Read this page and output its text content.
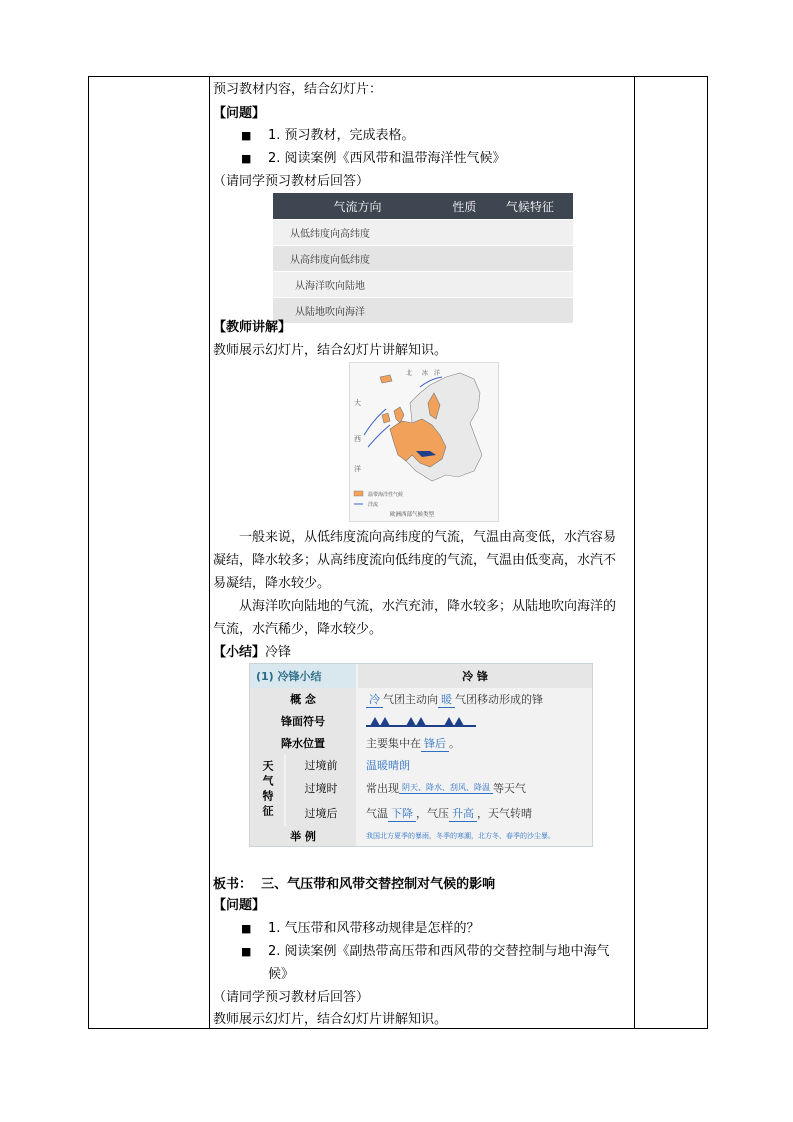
预习教材内容，结合幻灯片：
【问题】
■ 1. 预习教材，完成表格。
■ 2. 阅读案例《西风带和温带海洋性气候》
（请同学预习教材后回答）
气流方向	性质	气候特征
从低纬度向高纬度		
从高纬度向低纬度		
从海洋吹向陆地		
从陆地吹向海洋		
【教师讲解】
教师展示幻灯片，结合幻灯片讲解知识。
北 冰 洋
大
西
洋
温带海洋性气候
洋流
欧洲西部气候类型
一般来说，从低纬度流向高纬度的气流，气温由高变低，水汽容易
凝结，降水较多；从高纬度流向低纬度的气流，气温由低变高，水汽不
易凝结，降水较少。
从海洋吹向陆地的气流，水汽充沛，降水较多；从陆地吹向海洋的
气流，水汽稀少，降水较少。
【小结】冷锋
(1) 冷锋小结	冷 锋
概 念	冷 气团主动向 暖 气团移动形成的锋
锋面符号
降水位置	主要集中在 锋后 。
天气特征	过境前	温暖晴朗
过境时	常出现 阴天、降水、刮风、降温 等天气
过境后	气温 下降 ，气压 升高 ，天气转晴
举 例	我国北方夏季的暴雨，冬季的寒潮，北方冬、春季的沙尘暴。
板书： 三、气压带和风带交替控制对气候的影响
【问题】
■ 1. 气压带和风带移动规律是怎样的？
■ 2. 阅读案例《副热带高压带和西风带的交替控制与地中海气
候》
（请同学预习教材后回答）
教师展示幻灯片，结合幻灯片讲解知识。
